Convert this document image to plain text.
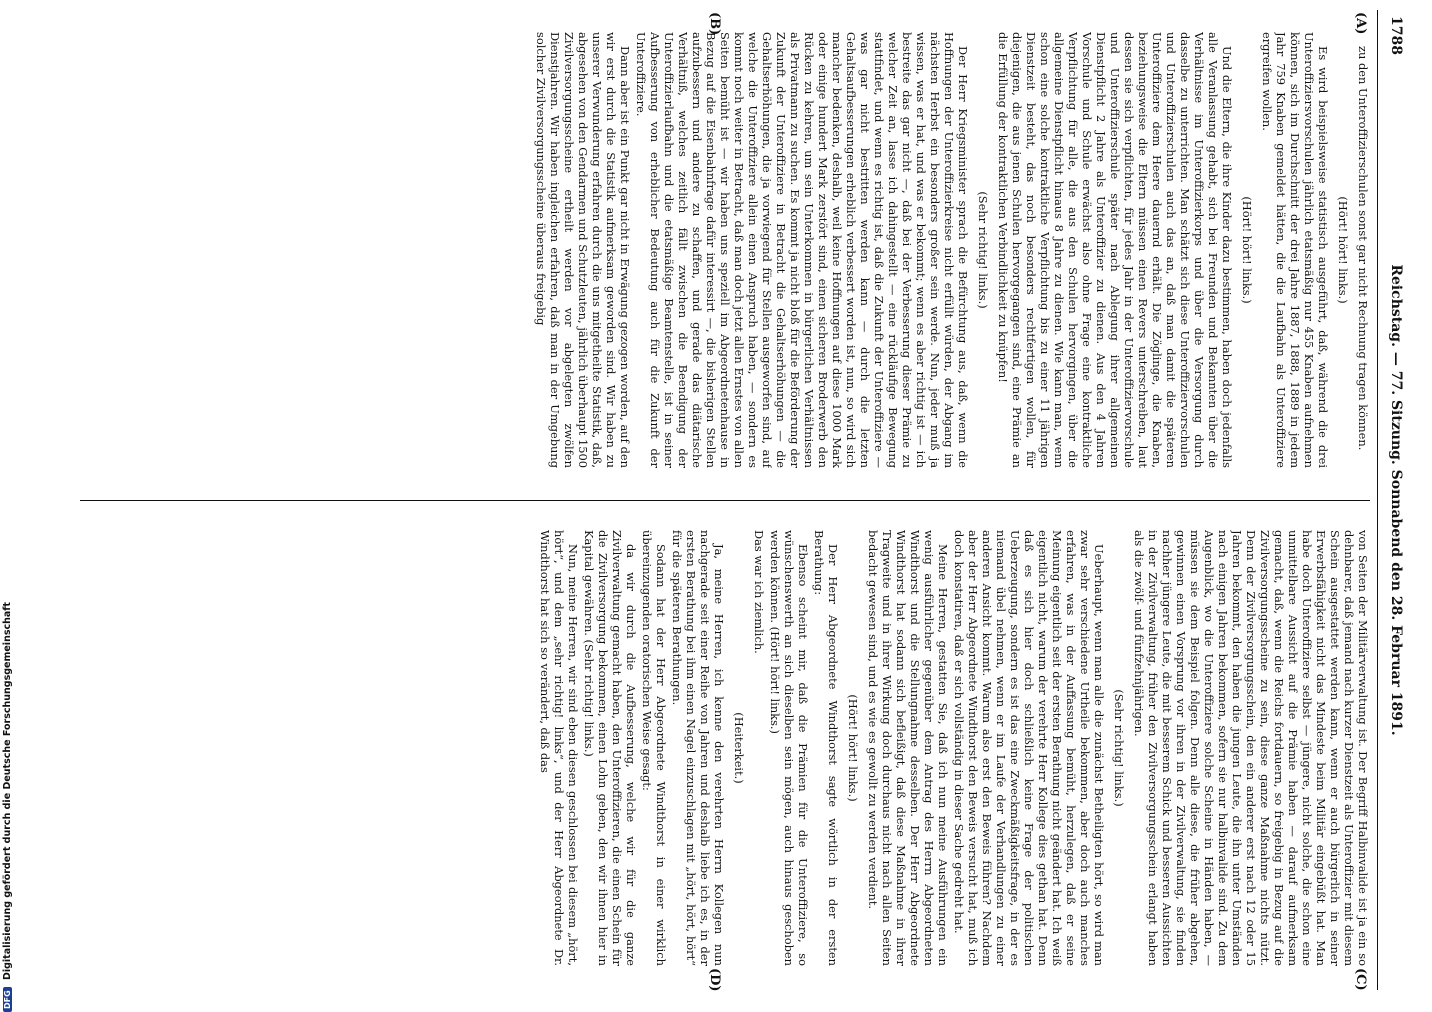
1788
Reichstag. — 77. Sitzung. Sonnabend den 28. Februar 1891.
(A)
(B)
(C)
(D)

zu den Unteroffizierschulen sonst gar nicht Rechnung tragen können.

(Hört! hört! links.)

Es wird beispielsweise statistisch ausgeführt, daß, während die drei Unteroffiziersvorschulen jährlich etatsmäßig nur 455 Knaben aufnehmen können, sich im Durchschnitt der drei Jahre 1887, 1888, 1889 in jedem Jahr 759 Knaben gemeldet hätten, die die Laufbahn als Unteroffiziere ergreifen wollen.

(Hört! hört! links.)

Und die Eltern, die ihre Kinder dazu bestimmen, haben doch jedenfalls alle Veranlassung gehabt, sich bei Freunden und Bekannten über die Verhältnisse im Unteroffizierkorps und über die Versorgung durch dasselbe zu unterrichten. Man schätzt sich diese Unteroffiziervorschulen und Unteroffizierschulen auch das an, daß man damit die späteren Unteroffiziere dem Heere dauernd erhält. Die Zöglinge, die Knaben, beziehungsweise die Eltern müssen einen Revers unterschreiben, laut dessen sie sich verpflichten, für jedes Jahr in der Unteroffiziervorschule und Unteroffizierschule später nach Ablegung ihrer allgemeinen Dienstpflicht 2 Jahre als Unteroffizier zu dienen. Aus den 4 Jahren Vorschule und Schule erwächst also ohne Frage eine kontraktliche Verpflichtung für alle, die aus den Schulen hervorgingen, über die allgemeine Dienstpflicht hinaus 8 Jahre zu dienen. Wie kann man, wenn schon eine solche kontraktliche Verpflichtung bis zu einer 11 jährigen Dienstzeit besteht, das noch besonders rechtfertigen wollen, für diejenigen, die aus jenen Schulen hervorgegangen sind, eine Prämie an die Erfüllung der kontraktlichen Verbindlichkeit zu knüpfen!

(Sehr richtig! links.)

Der Herr Kriegsminister sprach die Befürchtung aus, daß, wenn die Hoffnungen der Unteroffizierkreise nicht erfüllt würden, der Abgang im nächsten Herbst ein besonders großer sein werde. Nun, jeder muß ja wissen, was er hat, und was er bekommt; wenn es aber richtig ist — ich bestreite das gar nicht —, daß bei der Verbesserung dieser Prämie zu welcher Zeit an, lasse ich dahingestellt — eine rückläufige Bewegung stattfindet, und wenn es richtig ist, daß die Zukunft der Unteroffiziere — was gar nicht bestritten werden kann — durch die letzten Gehaltsaufbesserungen erheblich verbessert worden ist, nun, so wird sich mancher bedenken, deshalb, weil keine Hoffnungen auf diese 1000 Mark oder einige hundert Mark zerstört sind, einen sicheren Broderwerb den Rücken zu kehren, um sein Unterkommen in bürgerlichen Verhältnissen als Privatmann zu suchen. Es kommt ja nicht bloß für die Beförderung der Zukunft der Unteroffiziere in Betracht die Gehaltserhöhungen — die Gehaltserhöhungen, die ja vorwiegend für Stellen ausgeworfen sind, auf welche die Unteroffiziere allein einen Anspruch haben, — sondern es kommt noch weiter in Betracht, daß man doch jetzt allen Ernstes von allen Seiten bemüht ist — wir haben uns speziell im Abgeordnetenhause in Bezug auf die Eisenbahnfrage dafür interessirt —, die bisherigen Stellen aufzubessern und andere zu schaffen, und gerade das diätarische Verhältniß, welches zeitlich fällt zwischen die Beendigung der Unteroffizierlaufbahn und die etatsmäßige Beamtenstelle, ist in seiner Aufbesserung von erheblicher Bedeutung auch für die Zukunft der Unteroffiziere.

Dann aber ist ein Punkt gar nicht in Erwägung gezogen worden, auf den wir erst durch die Statistik aufmerksam geworden sind. Wir haben zu unserer Verwunderung erfahren durch die uns mitgetheilte Statistik, daß, abgesehen von den Gendarmen und Schutzleuten, jährlich überhaupt 1500 Zivilversorgungsscheine ertheilt werden vor abgelegten zwölfen Dienstjahren. Wir haben ingleichen erfahren, daß man in der Umgebung solcher Zivilversorgungsscheine überaus freigebig

von Seiten der Militärverwaltung ist. Der Begriff Halbinvalide ist ja ein so dehnbarer, daß jemand nach kurzer Dienstzeit als Unteroffizier mit diesem Schein ausgestattet werden kann, wenn er auch bürgerlich in seiner Erwerbsfähigkeit nicht das Mindeste beim Militär eingebüßt hat. Man habe doch Unteroffiziere selbst — jüngere, nicht solche, die schon eine unmittelbare Aussicht auf die Prämie haben — darauf aufmerksam gemacht, daß, wenn die Reichs fortdauern, so freigebig in Bezug auf die Zivilversorgungsscheine zu sein, diese ganze Maßnahme nichts nützt. Denn der Zivilversorgungsschein, den ein anderer erst nach 12 oder 15 Jahren bekommt, den haben die jungen Leute, die ihn unter Umständen nach einigen Jahren bekommen, sofern sie nur halbinvalide sind. Zu dem Augenblick, wo die Unteroffiziere solche Scheine in Händen haben, — müssen sie dem Beispiel folgen. Denn alle diese, die früher abgehen, gewinnen einen Vorsprung vor ihren in der Zivilverwaltung, sie finden nachher jüngere Leute, die mit besserem Schick und besseren Aussichten in der Zivilverwaltung, früher den Zivilversorgungsschein erlangt haben als die zwölf- und fünfzehnjährigen.

(Sehr richtig! links.)

Ueberhaupt, wenn man alle die zunächst Betheiligten hört, so wird man zwar sehr verschiedene Urtheile bekommen, aber doch auch manches erfahren, was in der Auffassung bemüht, herzulegen, daß er seine Meinung eigentlich seit der ersten Berathung nicht geändert hat. Ich weiß eigentlich nicht, warum der verehrte Herr Kollege dies gethan hat. Denn daß es sich hier doch schließlich keine Frage der politischen Ueberzeugung, sondern es ist das eine Zweckmäßigkeitsfrage, in der es niemand übel nehmen, wenn er im Laufe der Verhandlungen zu einer anderen Ansicht kommt. Warum also erst den Beweis führen? Nachdem aber der Herr Abgeordnete Windthorst den Beweis versucht hat, muß ich doch konstatiren, daß er sich vollständig in dieser Sache gedreht hat.

Meine Herren, gestatten Sie, daß ich nun meine Ausführungen ein wenig ausführlicher gegenüber dem Antrag des Herrn Abgeordneten Windthorst und die Stellungnahme desselben. Der Herr Abgeordnete Windthorst hat sodann sich befleißigt, daß diese Maßnahme in ihrer Tragweite und in ihrer Wirkung doch durchaus nicht nach allen Seiten bedacht gewesen sind, und es wie es gewollt zu werden verdient.

(Hört! hört! links.)

Der Herr Abgeordnete Windthorst sagte wörtlich in der ersten Berathung:

Ebenso scheint mir, daß die Prämien für die Unteroffiziere, so wünschenswerth an sich dieselben sein mögen, auch hinaus geschoben werden können. (Hört! hört! links.)

Das war ich ziemlich.

(Heiterkeit.)

Ja, meine Herren, ich kenne den verehrten Herrn Kollegen nun nachgerade seit einer Reihe von Jahren und deshalb liebe ich es, in der ersten Berathung bei ihm einen Nagel einzuschlagen mit „hört, hört, hört“ für die späteren Berathungen.

Sodann hat der Herr Abgeordnete Windthorst in einer wirklich übereinzugenden oratorischen Weise gesagt:

da wir durch die Aufbesserung, welche wir für die ganze Zivilverwaltung gemacht haben, den Unteroffizieren, die einen Schein für die Zivilversorgung bekommen, einen Lohn geben, den wir ihnen hier in Kapital gewähren. (Sehr richtig! links.)

Nun, meine Herren, wir sind eben diesen geschlossen bei diesem „hört, hört“, und dem „sehr richtig! links“, und der Herr Abgeordnete Dr. Windthorst hat sich so verändert, daß das

DFG Digitalisierung gefördert durch die Deutsche Forschungsgemeinschaft
